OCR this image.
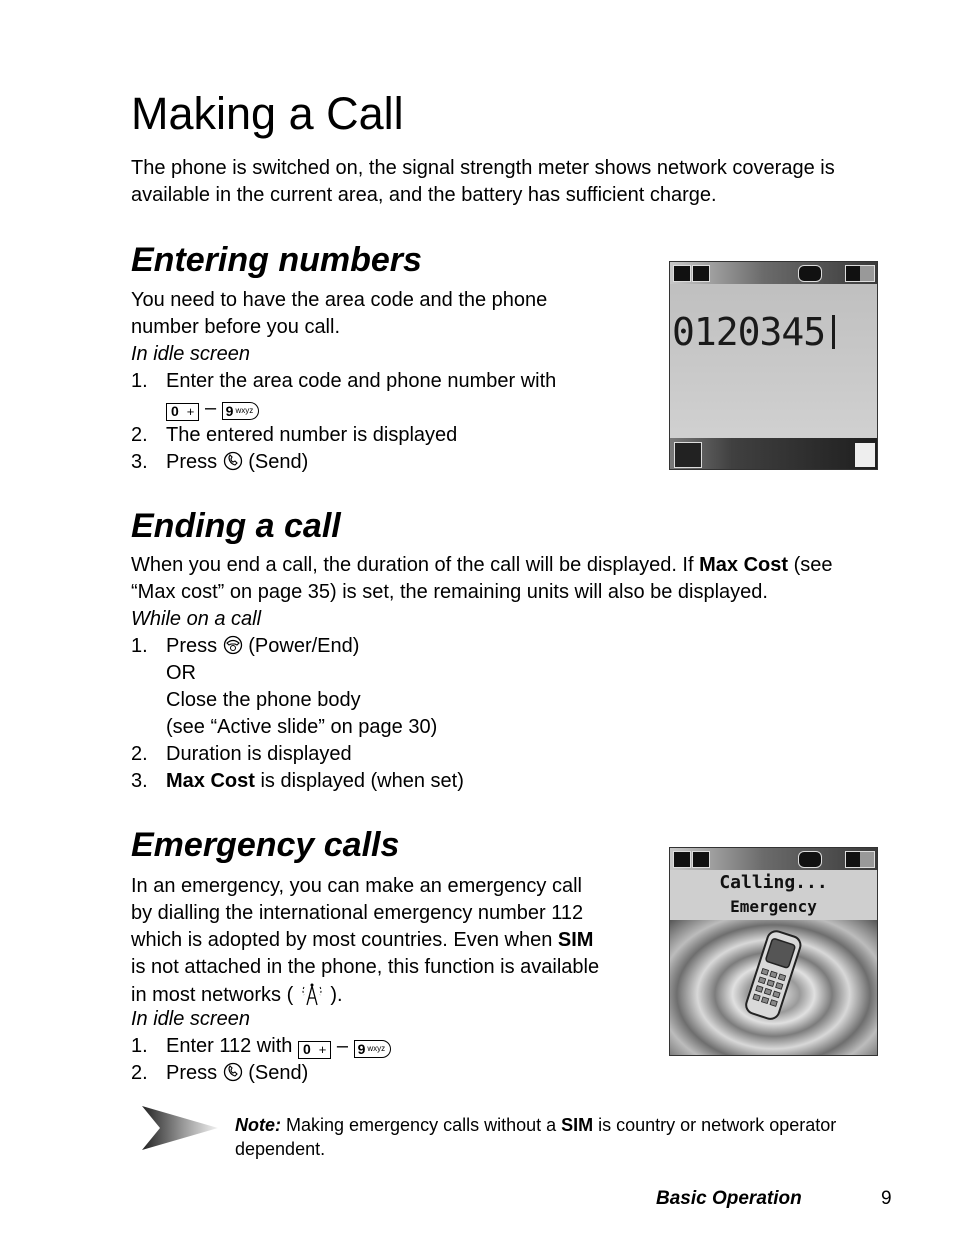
Making a Call
The phone is switched on, the signal strength meter shows network coverage is
available in the current area, and the battery has sufficient charge.
Entering numbers
You need to have the area code and the phone
number before you call.
In idle screen
1. Enter the area code and phone number with
0 + – 9 $^{wxyz}$
2. The entered number is displayed
3. Press (Send)
0120345
Ending a call
When you end a call, the duration of the call will be displayed. If Max Cost (see
“Max cost” on page 35) is set, the remaining units will also be displayed.
While on a call
1. Press (Power/End)
OR
Close the phone body
(see “Active slide” on page 30)
2. Duration is displayed
3. Max Cost is displayed (when set)
Emergency calls
In an emergency, you can make an emergency call
by dialling the international emergency number 112
which is adopted by most countries. Even when SIM
is not attached in the phone, this function is available
in most networks ( ).
In idle screen
1. Enter 112 with 0 + – 9 $^{wxyz}$
2. Press (Send)
Calling...
Emergency
Note: Making emergency calls without a SIM is country or network operator
dependent.
Basic Operation	9
